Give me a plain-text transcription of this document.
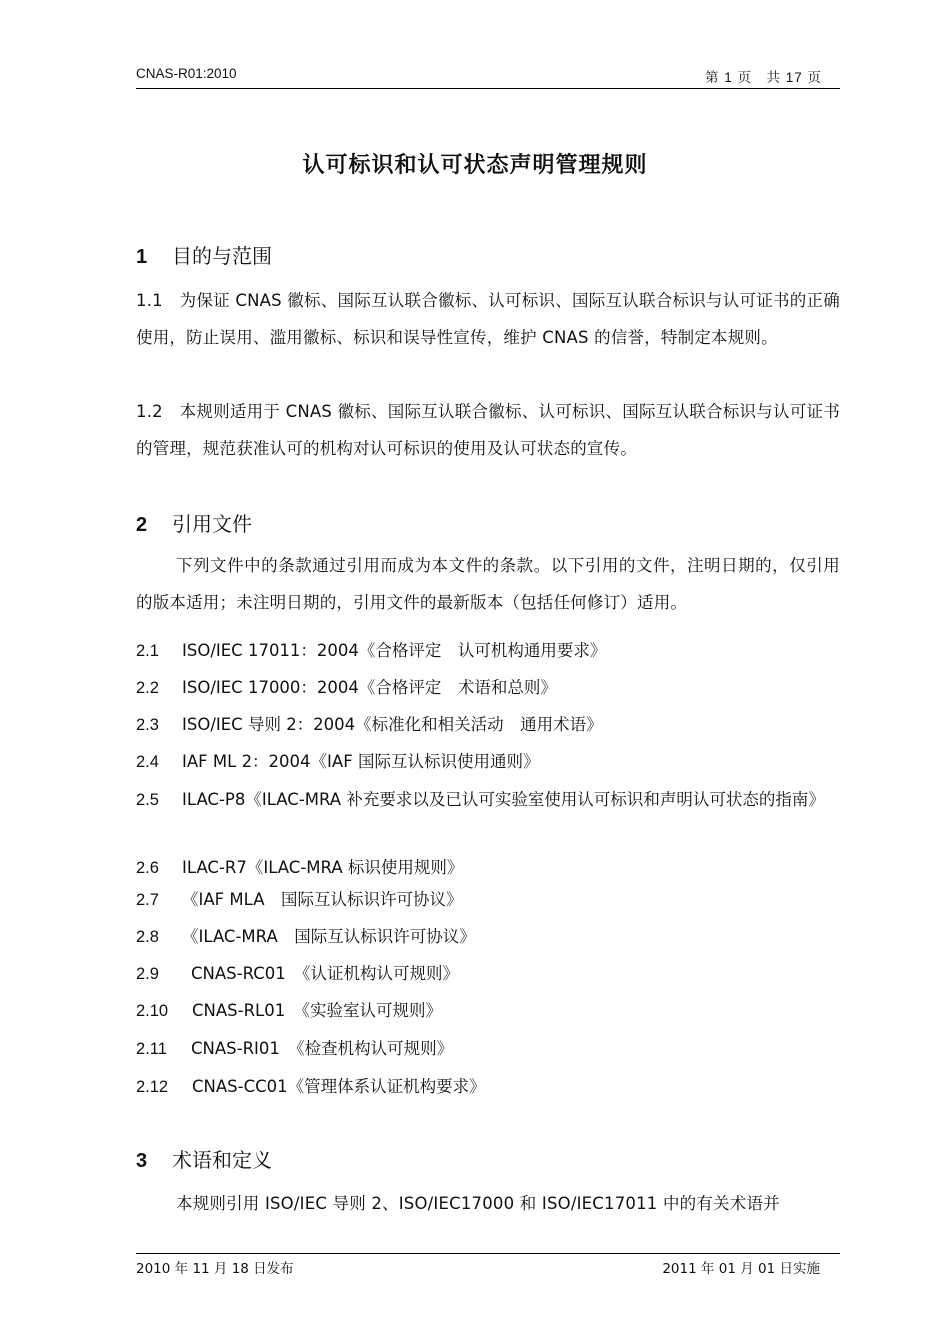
CNAS-R01:2010	第 1 页　共 17 页
认可标识和认可状态声明管理规则
1 目的与范围
1.1　为保证 CNAS 徽标、国际互认联合徽标、认可标识、国际互认联合标识与认可证书的正确使用，防止误用、滥用徽标、标识和误导性宣传，维护 CNAS 的信誉，特制定本规则。
1.2　本规则适用于 CNAS 徽标、国际互认联合徽标、认可标识、国际互认联合标识与认可证书的管理，规范获准认可的机构对认可标识的使用及认可状态的宣传。
2 引用文件
下列文件中的条款通过引用而成为本文件的条款。以下引用的文件，注明日期的，仅引用的版本适用；未注明日期的，引用文件的最新版本（包括任何修订）适用。
2.1 ISO/IEC 17011：2004《合格评定　认可机构通用要求》
2.2 ISO/IEC 17000：2004《合格评定　术语和总则》
2.3 ISO/IEC 导则 2：2004《标准化和相关活动　通用术语》
2.4 IAF ML 2：2004《IAF 国际互认标识使用通则》
2.5 ILAC-P8《ILAC-MRA 补充要求以及已认可实验室使用认可标识和声明认可状态的指南》
2.6 ILAC-R7《ILAC-MRA 标识使用规则》
2.7 《IAF MLA　国际互认标识许可协议》
2.8 《ILAC-MRA　国际互认标识许可协议》
2.9 CNAS-RC01　《认证机构认可规则》
2.10 CNAS-RL01　《实验室认可规则》
2.11 CNAS-RI01　《检查机构认可规则》
2.12 CNAS-CC01《管理体系认证机构要求》
3 术语和定义
本规则引用 ISO/IEC 导则 2、ISO/IEC17000 和 ISO/IEC17011 中的有关术语并
2010 年 11 月 18 日发布	2011 年 01 月 01 日实施
